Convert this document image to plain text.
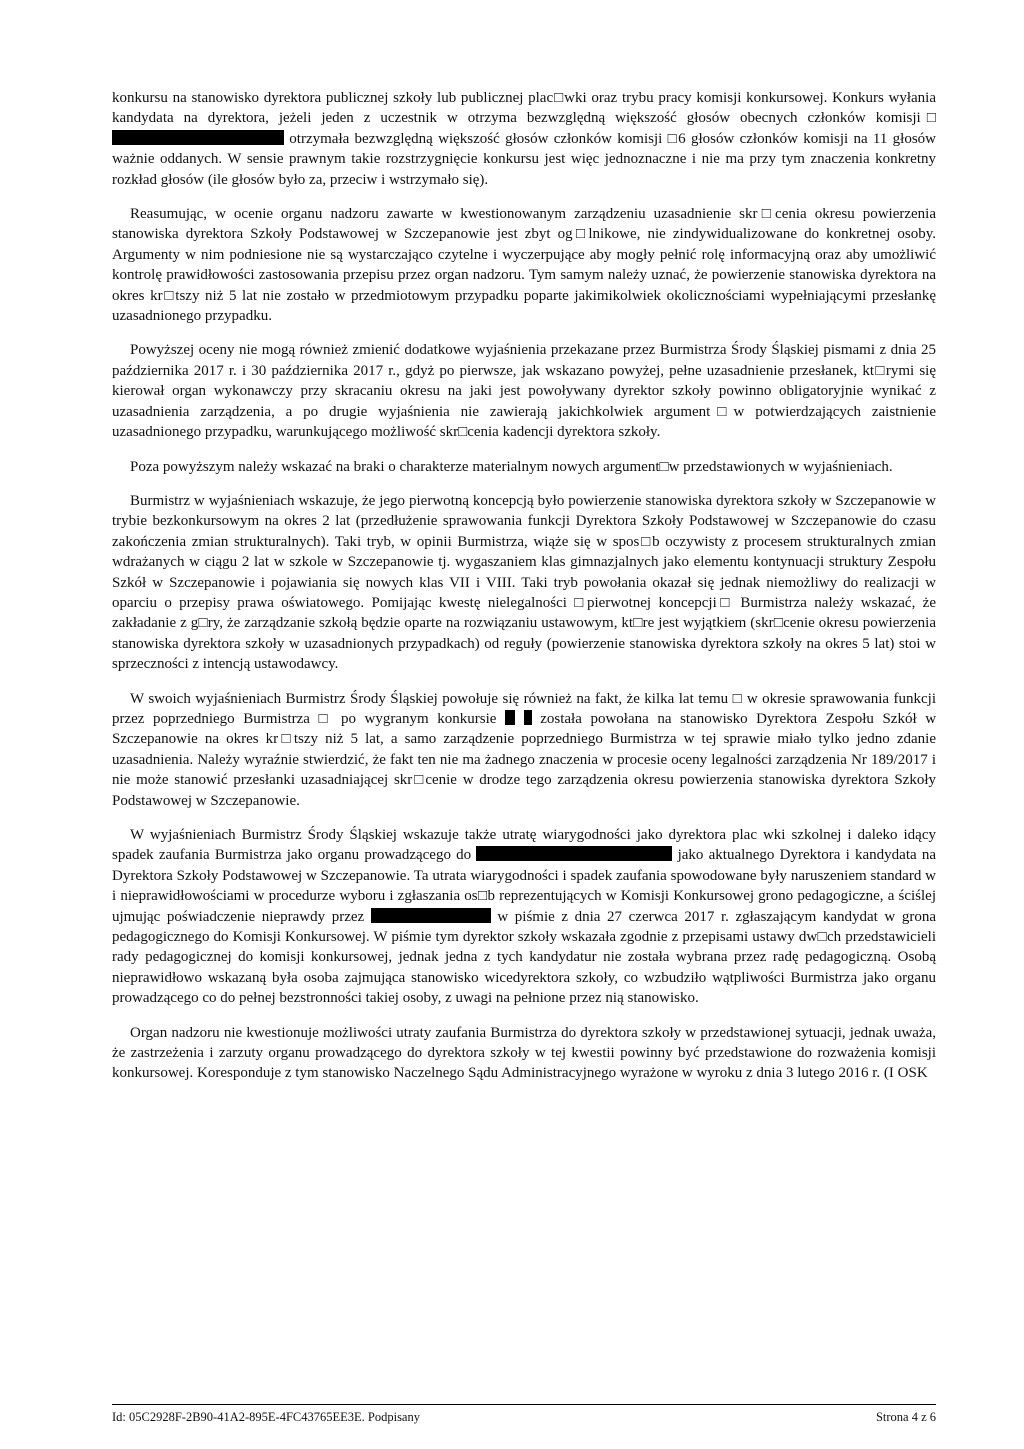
konkursu na stanowisko dyrektora publicznej szkoły lub publicznej plac□wki oraz trybu pracy komisji konkursowej. Konkurs wyłania kandydata na dyrektora, jeżeli jeden z uczestnik w otrzyma bezwzględną większość głosów obecnych członków komisji□  otrzymała bezwzględną większość głosów członków komisji □6 głosów członków komisji na 11 głosów ważnie oddanych. W sensie prawnym takie rozstrzygnięcie konkursu jest więc jednoznaczne i nie ma przy tym znaczenia konkretny rozkład głosów (ile głosów było za, przeciw i wstrzymało się).

Reasumując, w ocenie organu nadzoru zawarte w kwestionowanym zarządzeniu uzasadnienie skr□cenia okresu powierzenia stanowiska dyrektora Szkoły Podstawowej w Szczepanowie jest zbyt og□lnikowe, nie zindywidualizowane do konkretnej osoby. Argumenty w nim podniesione nie są wystarczająco czytelne i wyczerpujące aby mogły pełnić rolę informacyjną oraz aby umożliwić kontrolę prawidłowości zastosowania przepisu przez organ nadzoru. Tym samym należy uznać, że powierzenie stanowiska dyrektora na okres kr□tszy niż 5 lat nie zostało w przedmiotowym przypadku poparte jakimikolwiek okolicznościami wypełniającymi przesłankę uzasadnionego przypadku.

Powyższej oceny nie mogą również zmienić dodatkowe wyjaśnienia przekazane przez Burmistrza Środy Śląskiej pismami z dnia 25 października 2017 r. i 30 października 2017 r., gdyż po pierwsze, jak wskazano powyżej, pełne uzasadnienie przesłanek, kt□rymi się kierował organ wykonawczy przy skracaniu okresu na jaki jest powoływany dyrektor szkoły powinno obligatoryjnie wynikać z uzasadnienia zarządzenia, a po drugie wyjaśnienia nie zawierają jakichkolwiek argument□w potwierdzających zaistnienie uzasadnionego przypadku, warunkującego możliwość skr□cenia kadencji dyrektora szkoły.

Poza powyższym należy wskazać na braki o charakterze materialnym nowych argument□w przedstawionych w wyjaśnieniach.

Burmistrz w wyjaśnieniach wskazuje, że jego pierwotną koncepcją było powierzenie stanowiska dyrektora szkoły w Szczepanowie w trybie bezkonkursowym na okres 2 lat (przedłużenie sprawowania funkcji Dyrektora Szkoły Podstawowej w Szczepanowie do czasu zakończenia zmian strukturalnych). Taki tryb, w opinii Burmistrza, wiąże się w spos□b oczywisty z procesem strukturalnych zmian wdrażanych w ciągu 2 lat w szkole w Szczepanowie tj. wygaszaniem klas gimnazjalnych jako elementu kontynuacji struktury Zespołu Szkół w Szczepanowie i pojawiania się nowych klas VII i VIII. Taki tryb powołania okazał się jednak niemożliwy do realizacji w oparciu o przepisy prawa oświatowego. Pomijając kwestę nielegalności □pierwotnej koncepcji□ Burmistrza należy wskazać, że zakładanie z g□ry, że zarządzanie szkołą będzie oparte na rozwiązaniu ustawowym, kt□re jest wyjątkiem (skr□cenie okresu powierzenia stanowiska dyrektora szkoły w uzasadnionych przypadkach) od reguły (powierzenie stanowiska dyrektora szkoły na okres 5 lat) stoi w sprzeczności z intencją ustawodawcy.

W swoich wyjaśnieniach Burmistrz Środy Śląskiej powołuje się również na fakt, że kilka lat temu □ w okresie sprawowania funkcji przez poprzedniego Burmistrza □ po wygranym konkursie	została powołana na stanowisko Dyrektora Zespołu Szkół w Szczepanowie na okres kr□tszy niż 5 lat, a samo zarządzenie poprzedniego Burmistrza w tej sprawie miało tylko jedno zdanie uzasadnienia. Należy wyraźnie stwierdzić, że fakt ten nie ma żadnego znaczenia w procesie oceny legalności zarządzenia Nr 189/2017 i nie może stanowić przesłanki uzasadniającej skr□cenie w drodze tego zarządzenia okresu powierzenia stanowiska dyrektora Szkoły Podstawowej w Szczepanowie.

W wyjaśnieniach Burmistrz Środy Śląskiej wskazuje także utratę wiarygodności jako dyrektora plac wki szkolnej i daleko idący spadek zaufania Burmistrza jako organu prowadzącego do	jako aktualnego Dyrektora i kandydata na Dyrektora Szkoły Podstawowej w Szczepanowie. Ta utrata wiarygodności i spadek zaufania spowodowane były naruszeniem standard w i nieprawidłowościami w procedurze wyboru i zgłaszania os□b reprezentujących w Komisji Konkursowej grono pedagogiczne, a ściślej ujmując poświadczenie nieprawdy przez	w piśmie z dnia 27 czerwca 2017 r. zgłaszającym kandydat w grona pedagogicznego do Komisji Konkursowej. W piśmie tym dyrektor szkoły wskazała zgodnie z przepisami ustawy dw□ch przedstawicieli rady pedagogicznej do komisji konkursowej, jednak jedna z tych kandydatur nie została wybrana przez radę pedagogiczną. Osobą nieprawidłowo wskazaną była osoba zajmująca stanowisko wicedyrektora szkoły, co wzbudziło wątpliwości Burmistrza jako organu prowadzącego co do pełnej bezstronności takiej osoby, z uwagi na pełnione przez nią stanowisko.

Organ nadzoru nie kwestionuje możliwości utraty zaufania Burmistrza do dyrektora szkoły w przedstawionej sytuacji, jednak uważa, że zastrzeżenia i zarzuty organu prowadzącego do dyrektora szkoły w tej kwestii powinny być przedstawione do rozważenia komisji konkursowej. Koresponduje z tym stanowisko Naczelnego Sądu Administracyjnego wyrażone w wyroku z dnia 3 lutego 2016 r. (I OSK

Id: 05C2928F-2B90-41A2-895E-4FC43765EE3E. Podpisany	Strona 4 z 6
